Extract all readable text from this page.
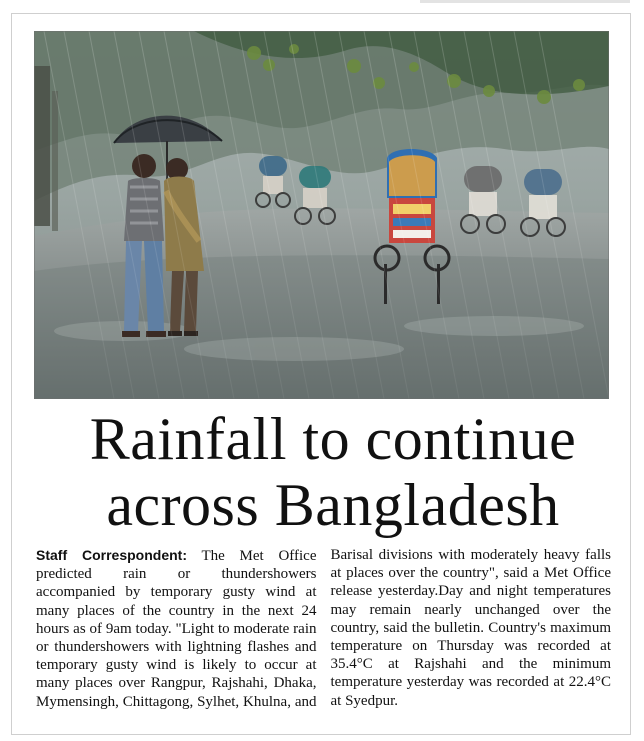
Rainfall to continue
across Bangladesh
Staff Correspondent: The Met Office predicted rain or thundershowers accompanied by temporary gusty wind at many places of the country in the next 24 hours as of 9am today. "Light to moderate rain or thundershowers with lightning flashes and temporary gusty wind is likely to occur at many places over Rangpur, Rajshahi, Dhaka, Mymensingh, Chittagong, Sylhet, Khulna, and Barisal divisions with moderately heavy falls at places over the country", said a Met Office release yesterday.Day and night temperatures may remain nearly unchanged over the country, said the bulletin. Country's maximum temperature on Thursday was recorded at 35.4°C at Rajshahi and the minimum temperature yesterday was recorded at 22.4°C at Syedpur.
